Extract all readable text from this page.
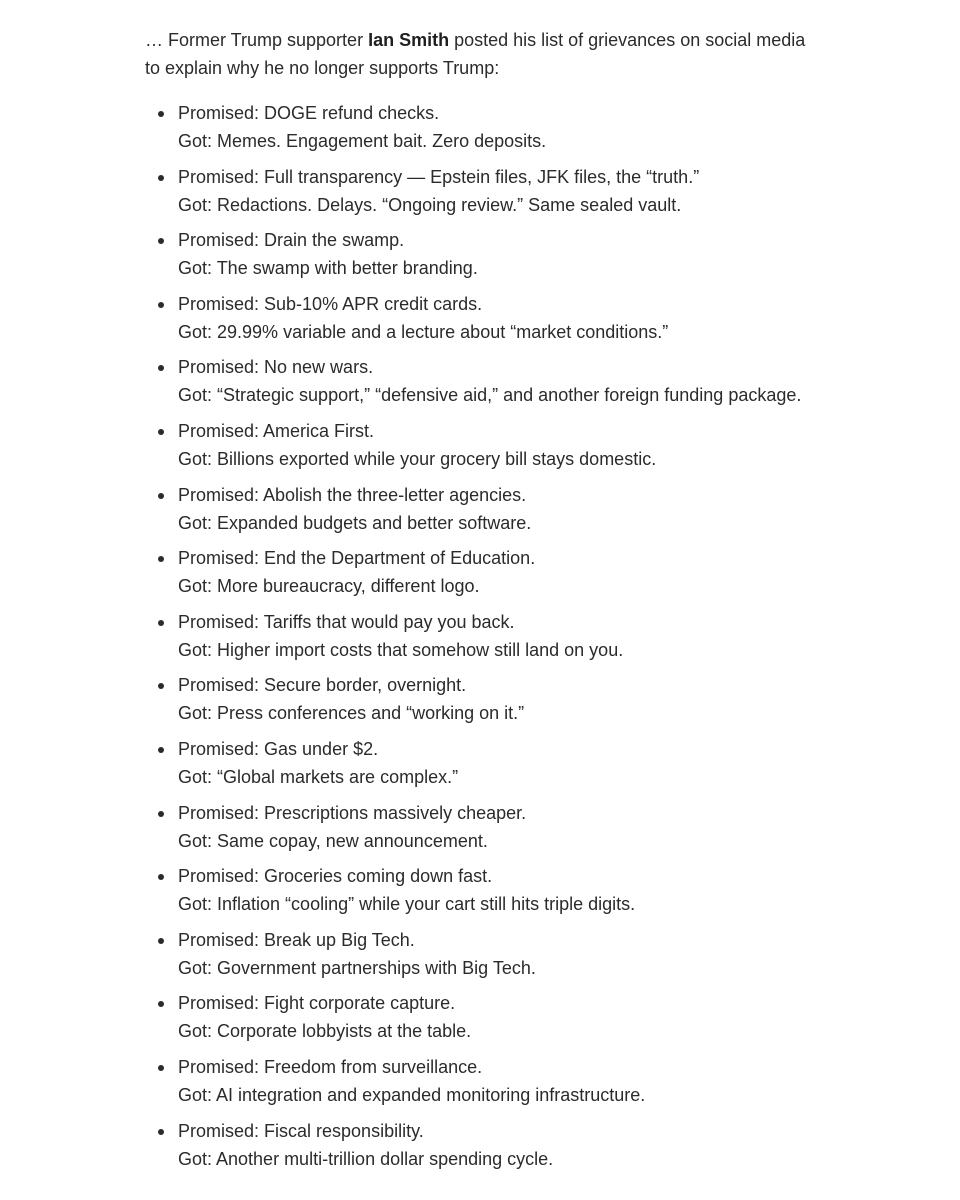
… Former Trump supporter Ian Smith posted his list of grievances on social media to explain why he no longer supports Trump:

Promised: DOGE refund checks.
Got: Memes. Engagement bait. Zero deposits.
Promised: Full transparency — Epstein files, JFK files, the “truth.”
Got: Redactions. Delays. “Ongoing review.” Same sealed vault.
Promised: Drain the swamp.
Got: The swamp with better branding.
Promised: Sub-10% APR credit cards.
Got: 29.99% variable and a lecture about “market conditions.”
Promised: No new wars.
Got: “Strategic support,” “defensive aid,” and another foreign funding package.
Promised: America First.
Got: Billions exported while your grocery bill stays domestic.
Promised: Abolish the three-letter agencies.
Got: Expanded budgets and better software.
Promised: End the Department of Education.
Got: More bureaucracy, different logo.
Promised: Tariffs that would pay you back.
Got: Higher import costs that somehow still land on you.
Promised: Secure border, overnight.
Got: Press conferences and “working on it.”
Promised: Gas under $2.
Got: “Global markets are complex.”
Promised: Prescriptions massively cheaper.
Got: Same copay, new announcement.
Promised: Groceries coming down fast.
Got: Inflation “cooling” while your cart still hits triple digits.
Promised: Break up Big Tech.
Got: Government partnerships with Big Tech.
Promised: Fight corporate capture.
Got: Corporate lobbyists at the table.
Promised: Freedom from surveillance.
Got: AI integration and expanded monitoring infrastructure.
Promised: Fiscal responsibility.
Got: Another multi-trillion dollar spending cycle.
